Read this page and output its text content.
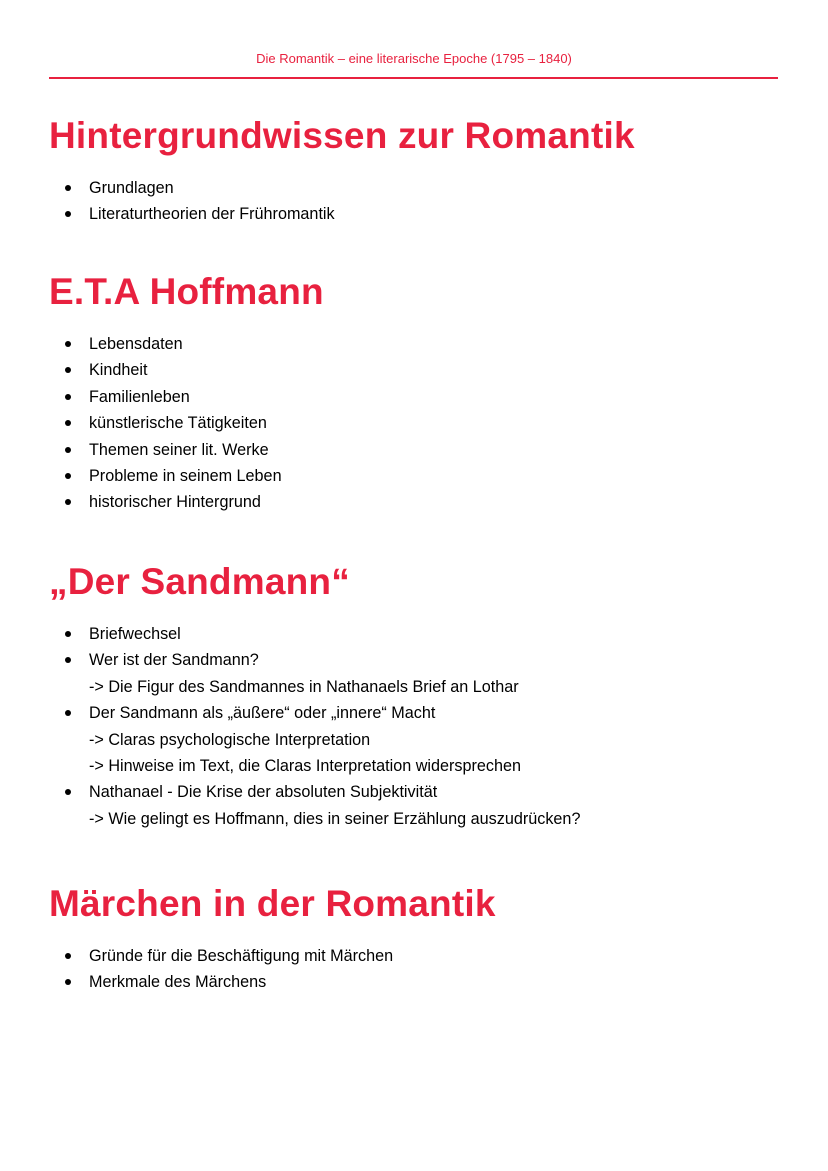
Die Romantik – eine literarische Epoche (1795 – 1840)
Hintergrundwissen zur Romantik
Grundlagen
Literaturtheorien der Frühromantik
E.T.A Hoffmann
Lebensdaten
Kindheit
Familienleben
künstlerische Tätigkeiten
Themen seiner lit. Werke
Probleme in seinem Leben
historischer Hintergrund
„Der Sandmann“
Briefwechsel
Wer ist der Sandmann?
-> Die Figur des Sandmannes in Nathanaels Brief an Lothar
Der Sandmann als „äußere“ oder „innere“ Macht
-> Claras psychologische Interpretation
-> Hinweise im Text, die Claras Interpretation widersprechen
Nathanael - Die Krise der absoluten Subjektivität
-> Wie gelingt es Hoffmann, dies in seiner Erzählung auszudrücken?
Märchen in der Romantik
Gründe für die Beschäftigung mit Märchen
Merkmale des Märchens
